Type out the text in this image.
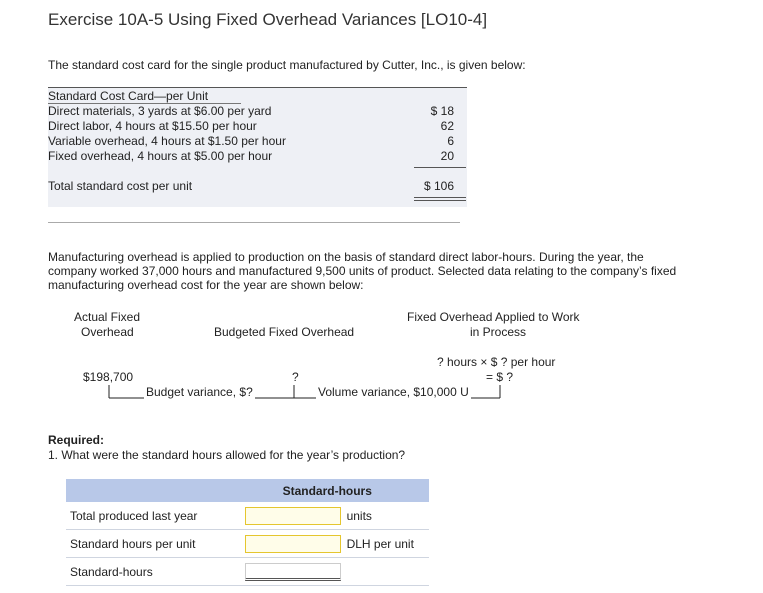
Exercise 10A-5 Using Fixed Overhead Variances [LO10-4]
The standard cost card for the single product manufactured by Cutter, Inc., is given below:
Standard Cost Card—per Unit
Direct materials, 3 yards at $6.00 per yard	$ 18
Direct labor, 4 hours at $15.50 per hour	62
Variable overhead, 4 hours at $1.50 per hour	6
Fixed overhead, 4 hours at $5.00 per hour	20
Total standard cost per unit	$ 106
Manufacturing overhead is applied to production on the basis of standard direct labor-hours. During the year, the company worked 37,000 hours and manufactured 9,500 units of product. Selected data relating to the company’s fixed manufacturing overhead cost for the year are shown below:
Actual Fixed
Overhead	Budgeted Fixed Overhead
Fixed Overhead Applied to Work
in Process
? hours × $ ? per hour
= $ ?
$198,700	?
Budget variance, $?	Volume variance, $10,000 U
Required:
1. What were the standard hours allowed for the year’s production?
	Standard-hours	
Total produced last year		units
Standard hours per unit		DLH per unit
Standard-hours		
